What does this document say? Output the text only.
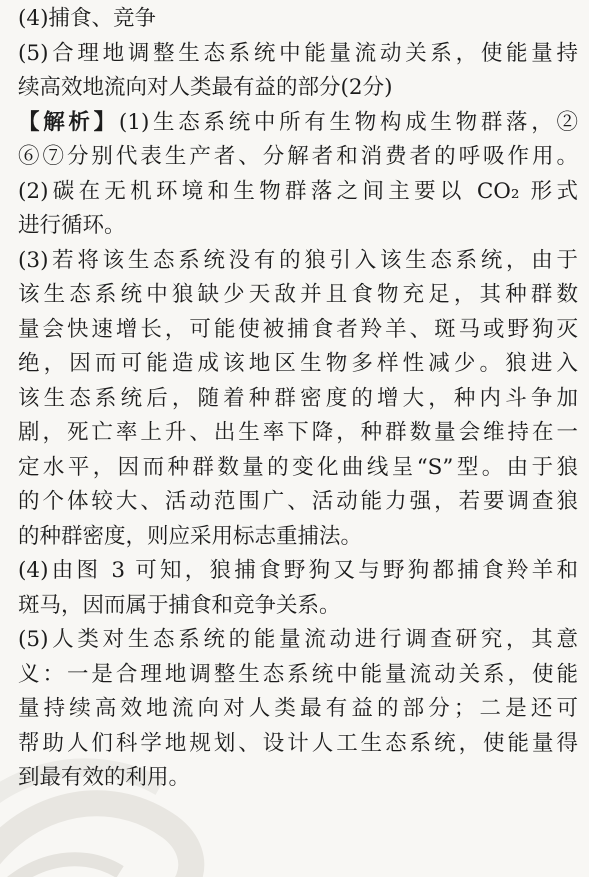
(4)捕食、竞争
(5)合理地调整生态系统中能量流动关系，使能量持
续高效地流向对人类最有益的部分(2分)
【解析】(1)生态系统中所有生物构成生物群落，②
⑥⑦分别代表生产者、分解者和消费者的呼吸作用。
(2)碳在无机环境和生物群落之间主要以 CO₂ 形式
进行循环。
(3)若将该生态系统没有的狼引入该生态系统，由于
该生态系统中狼缺少天敌并且食物充足，其种群数
量会快速增长，可能使被捕食者羚羊、斑马或野狗灭
绝，因而可能造成该地区生物多样性减少。狼进入
该生态系统后，随着种群密度的增大，种内斗争加
剧，死亡率上升、出生率下降，种群数量会维持在一
定水平，因而种群数量的变化曲线呈“S”型。由于狼
的个体较大、活动范围广、活动能力强，若要调查狼
的种群密度，则应采用标志重捕法。
(4)由图 3 可知，狼捕食野狗又与野狗都捕食羚羊和
斑马，因而属于捕食和竞争关系。
(5)人类对生态系统的能量流动进行调查研究，其意
义：一是合理地调整生态系统中能量流动关系，使能
量持续高效地流向对人类最有益的部分；二是还可
帮助人们科学地规划、设计人工生态系统，使能量得
到最有效的利用。
